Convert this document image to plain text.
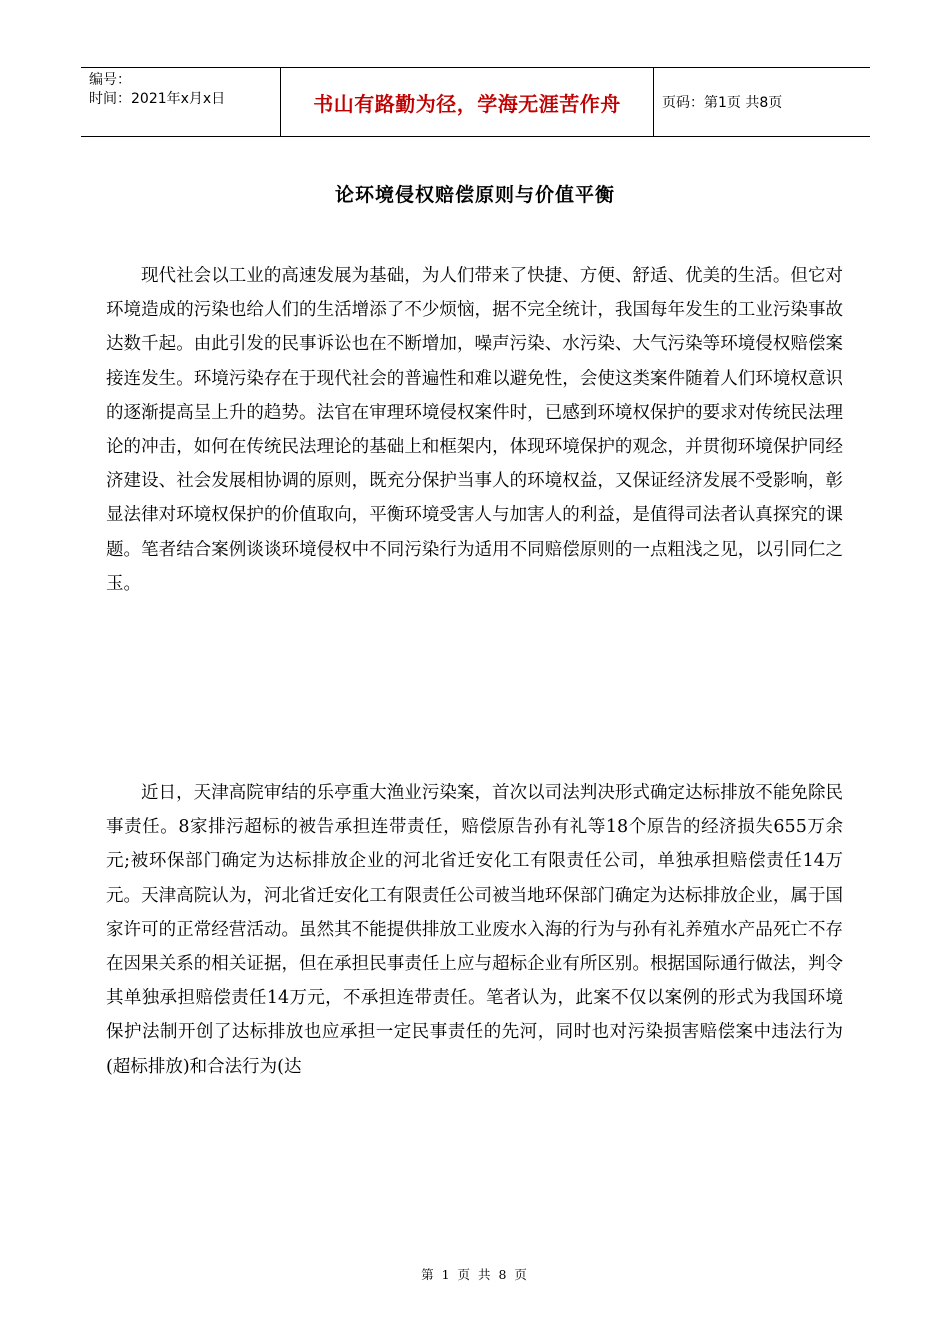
编号：
时间：2021年x月x日	书山有路勤为径，学海无涯苦作舟	页码：第1页 共8页
论环境侵权赔偿原则与价值平衡
现代社会以工业的高速发展为基础，为人们带来了快捷、方便、舒适、优美的生活。但它对环境造成的污染也给人们的生活增添了不少烦恼，据不完全统计，我国每年发生的工业污染事故达数千起。由此引发的民事诉讼也在不断增加，噪声污染、水污染、大气污染等环境侵权赔偿案接连发生。环境污染存在于现代社会的普遍性和难以避免性，会使这类案件随着人们环境权意识的逐渐提高呈上升的趋势。法官在审理环境侵权案件时，已感到环境权保护的要求对传统民法理论的冲击，如何在传统民法理论的基础上和框架内，体现环境保护的观念，并贯彻环境保护同经济建设、社会发展相协调的原则，既充分保护当事人的环境权益，又保证经济发展不受影响，彰显法律对环境权保护的价值取向，平衡环境受害人与加害人的利益，是值得司法者认真探究的课题。笔者结合案例谈谈环境侵权中不同污染行为适用不同赔偿原则的一点粗浅之见，以引同仁之玉。
近日，天津高院审结的乐亭重大渔业污染案，首次以司法判决形式确定达标排放不能免除民事责任。8家排污超标的被告承担连带责任，赔偿原告孙有礼等18个原告的经济损失655万余元;被环保部门确定为达标排放企业的河北省迁安化工有限责任公司，单独承担赔偿责任14万元。天津高院认为，河北省迁安化工有限责任公司被当地环保部门确定为达标排放企业，属于国家许可的正常经营活动。虽然其不能提供排放工业废水入海的行为与孙有礼养殖水产品死亡不存在因果关系的相关证据，但在承担民事责任上应与超标企业有所区别。根据国际通行做法，判令其单独承担赔偿责任14万元，不承担连带责任。笔者认为，此案不仅以案例的形式为我国环境保护法制开创了达标排放也应承担一定民事责任的先河，同时也对污染损害赔偿案中违法行为(超标排放)和合法行为(达
第 1 页 共 8 页
